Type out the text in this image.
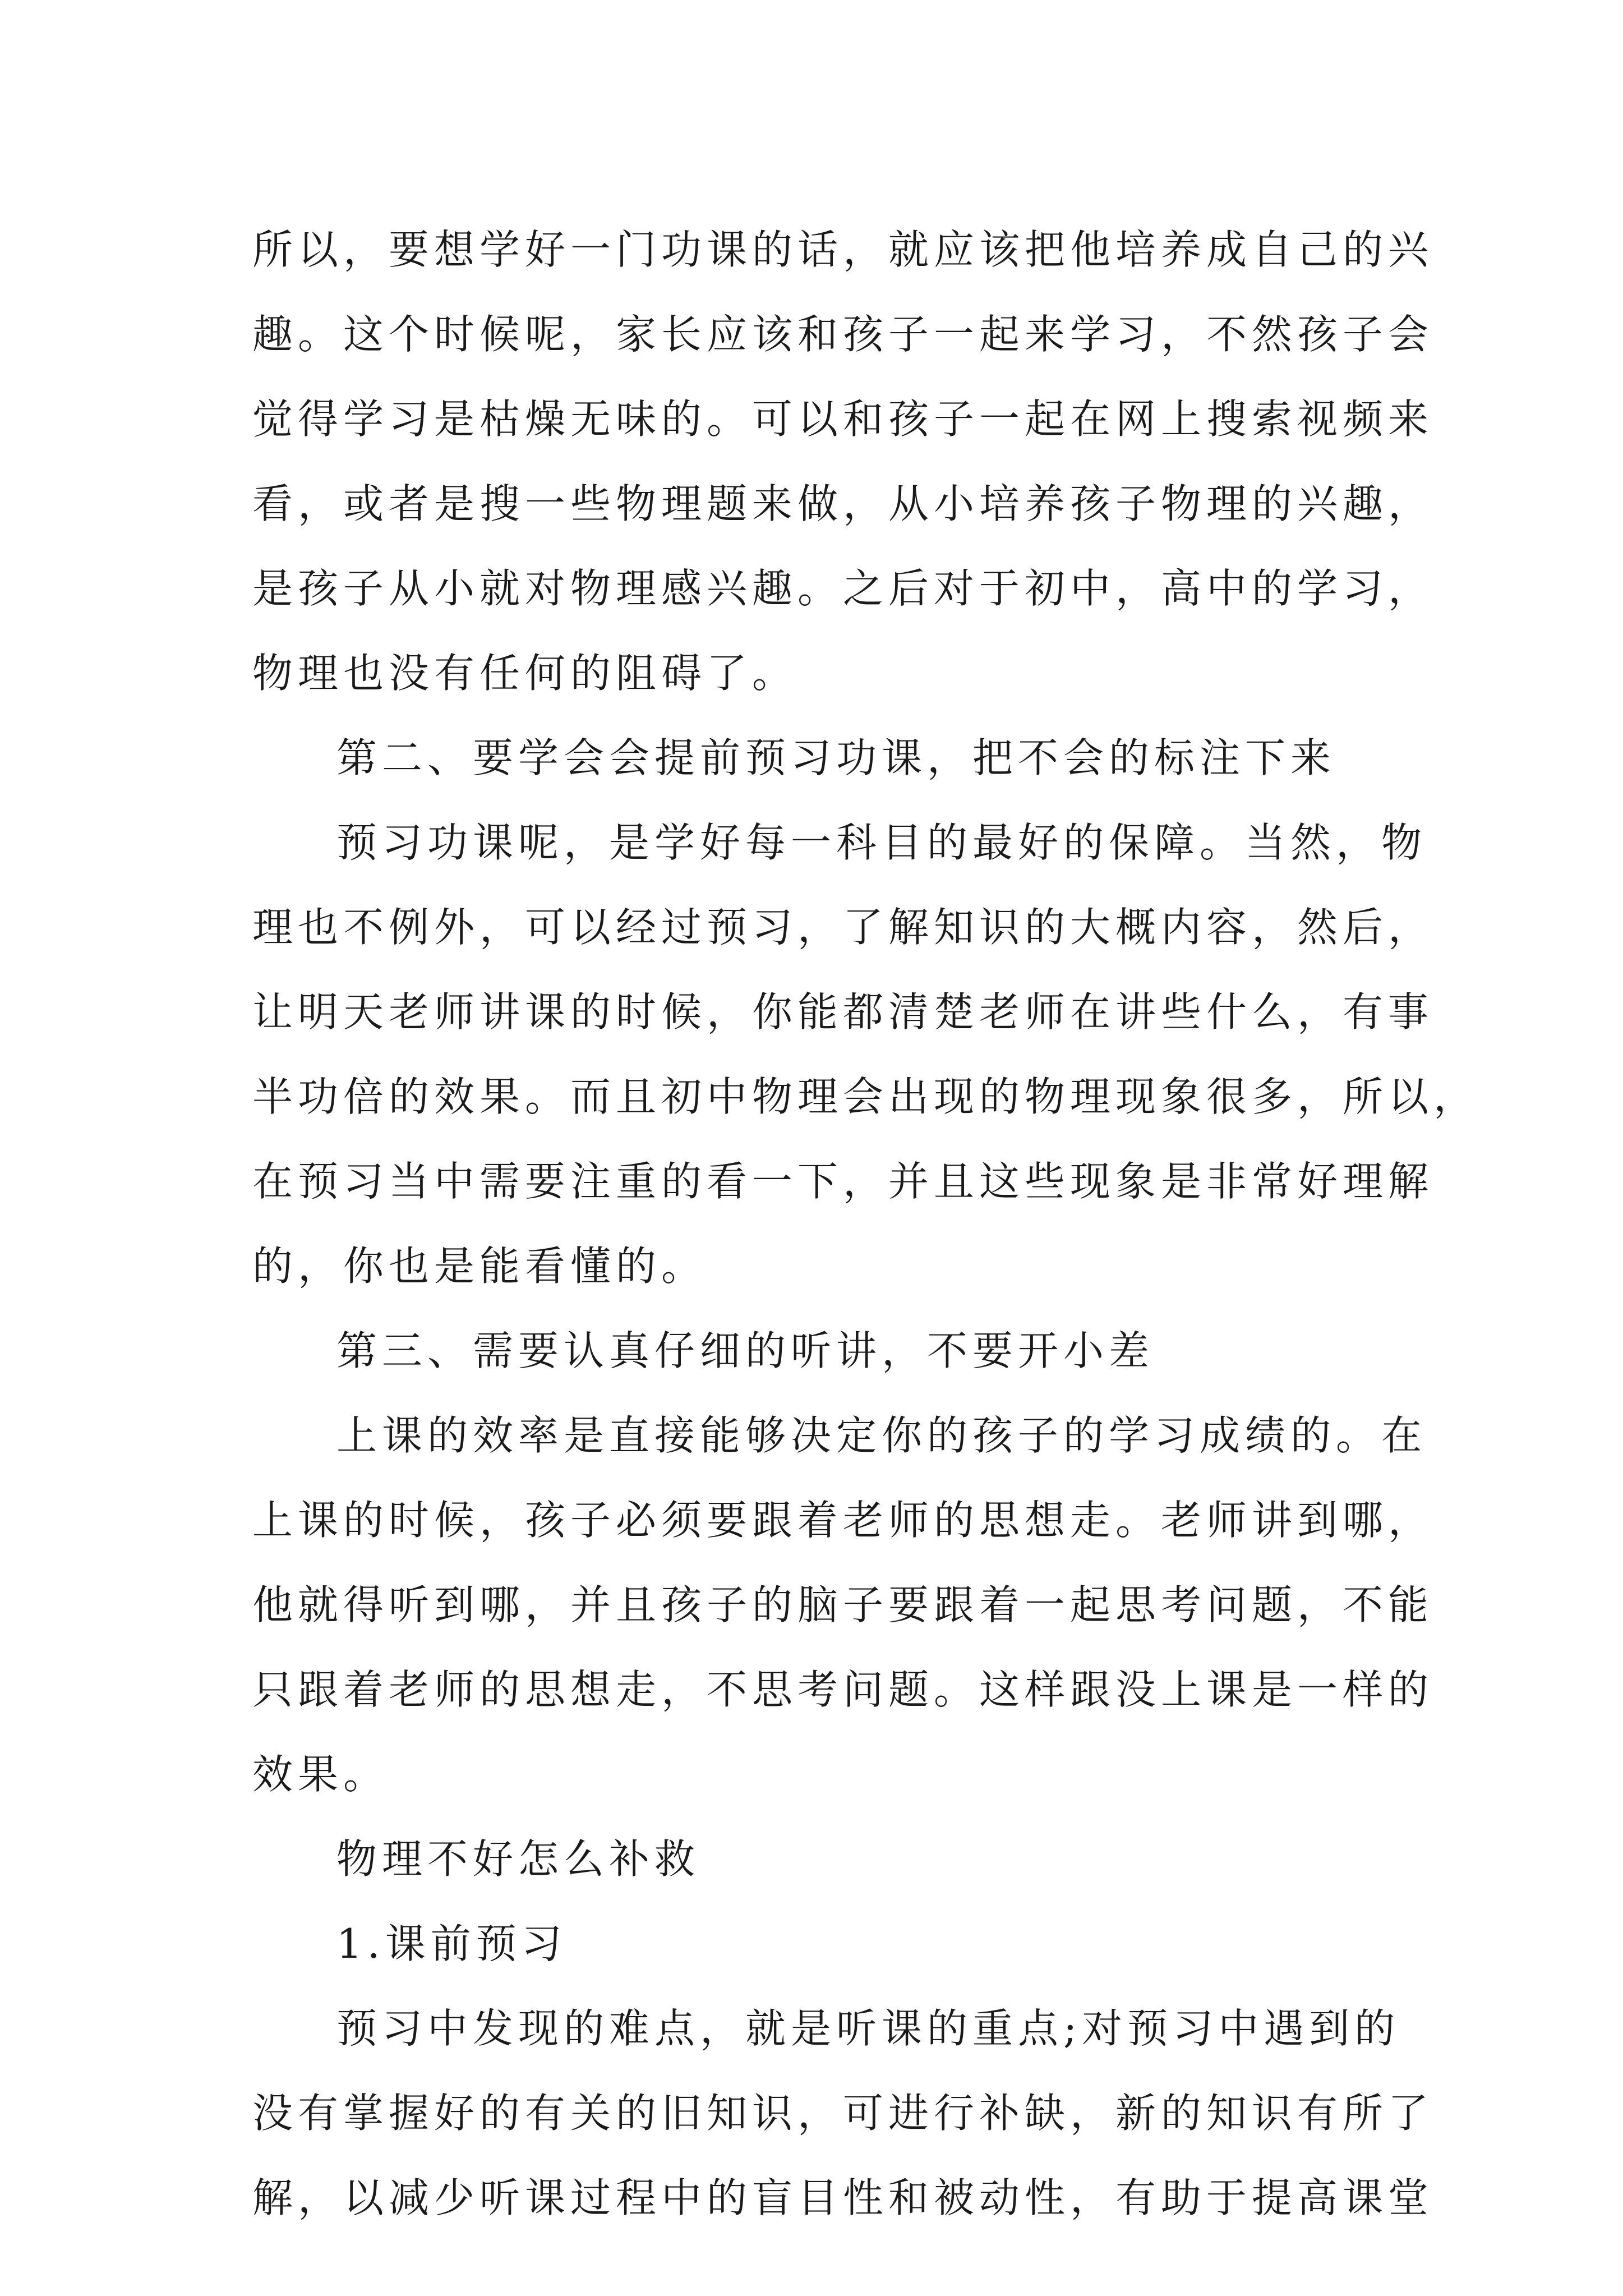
所以，要想学好一门功课的话，就应该把他培养成自己的兴
趣。这个时候呢，家长应该和孩子一起来学习，不然孩子会
觉得学习是枯燥无味的。可以和孩子一起在网上搜索视频来
看，或者是搜一些物理题来做，从小培养孩子物理的兴趣，
是孩子从小就对物理感兴趣。之后对于初中，高中的学习，
物理也没有任何的阻碍了。
第二、要学会会提前预习功课，把不会的标注下来
预习功课呢，是学好每一科目的最好的保障。当然，物
理也不例外，可以经过预习，了解知识的大概内容，然后，
让明天老师讲课的时候，你能都清楚老师在讲些什么，有事
半功倍的效果。而且初中物理会出现的物理现象很多，所以，
在预习当中需要注重的看一下，并且这些现象是非常好理解
的，你也是能看懂的。
第三、需要认真仔细的听讲，不要开小差
上课的效率是直接能够决定你的孩子的学习成绩的。在
上课的时候，孩子必须要跟着老师的思想走。老师讲到哪，
他就得听到哪，并且孩子的脑子要跟着一起思考问题，不能
只跟着老师的思想走，不思考问题。这样跟没上课是一样的
效果。
物理不好怎么补救
1.课前预习
预习中发现的难点，就是听课的重点;对预习中遇到的
没有掌握好的有关的旧知识，可进行补缺，新的知识有所了
解，以减少听课过程中的盲目性和被动性，有助于提高课堂
